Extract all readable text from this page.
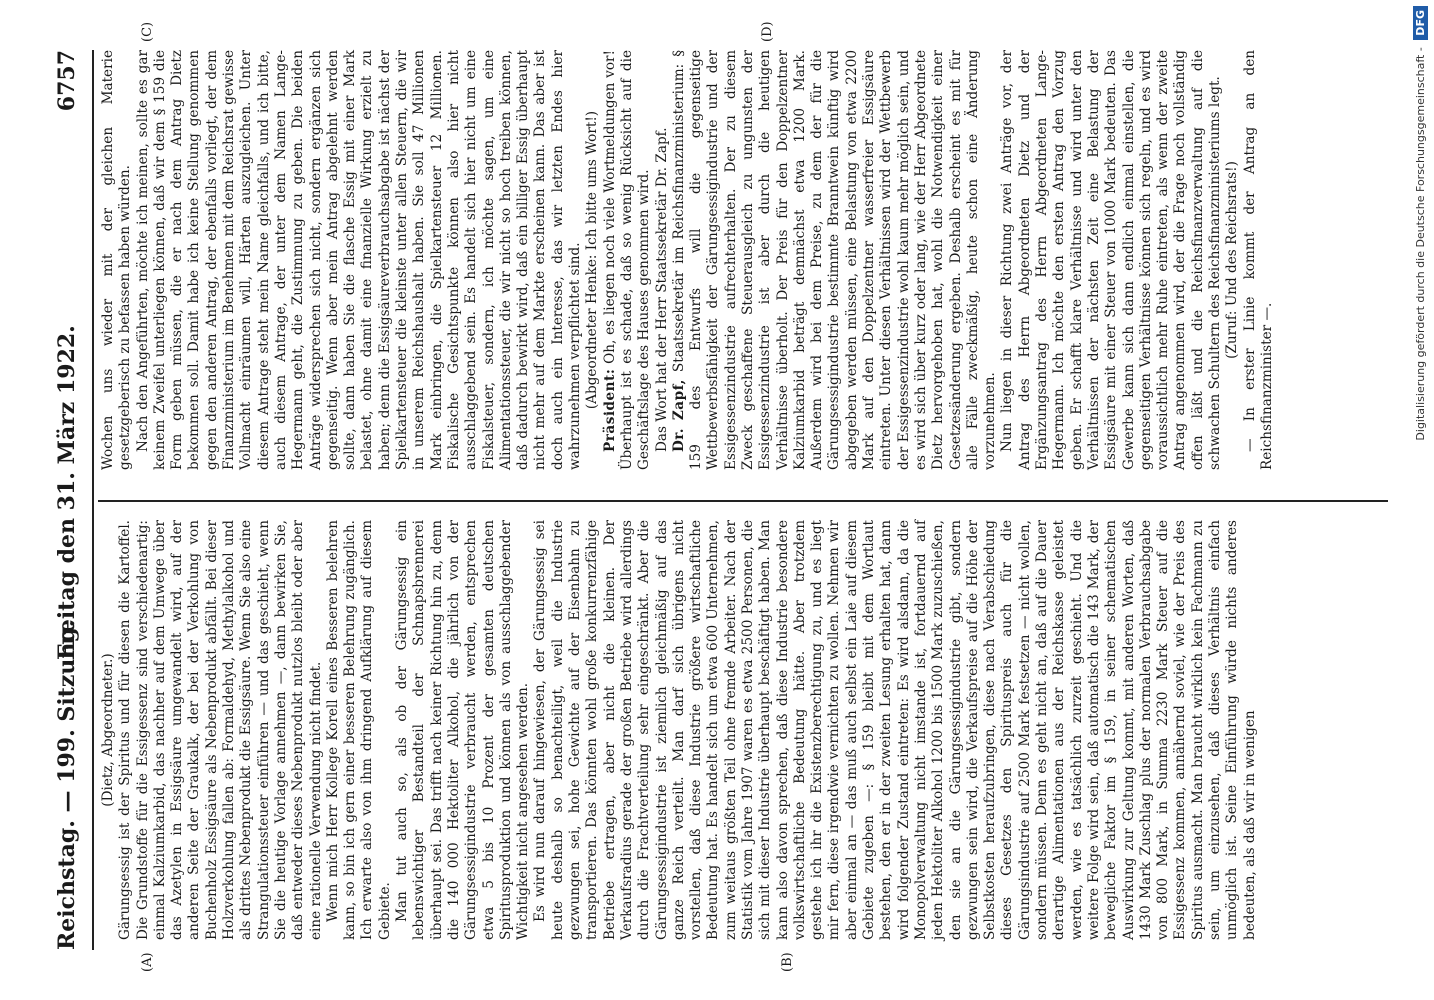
Reichstag. — 199. Sitzung.
Freitag den 31. März 1922.
6757
(A)	(B)
(C)	(D)

(Dietz, Abgeordneter.) Gärungsessig ist der Spiritus und für diesen die Kartoffel. Die Grundstoffe für die Essigessenz sind verschiedenartig: einmal Kalziumkarbid, das nachher auf dem Umwege über das Azetylen in Essigsäure umgewandelt wird, auf der anderen Seite der Graukalk, der bei der Verkohlung von Buchenholz Essigsäure als Nebenprodukt abfällt. Bei dieser Holzverkohlung fallen ab: Formaldehyd, Methylalkohol und als drittes Nebenprodukt die Essigsäure. Wenn Sie also eine Strangulationssteuer einführen — und das geschieht, wenn Sie die heutige Vorlage annehmen —, dann bewirken Sie, daß entweder dieses Nebenprodukt nutzlos bleibt oder aber eine rationelle Verwendung nicht findet. Wenn mich Herr Kollege Korell eines Besseren belehren kann, so bin ich gern einer besseren Belehrung zugänglich. Ich erwarte also von ihm dringend Aufklärung auf diesem Gebiete. Man tut auch so, als ob der Gärungsessig ein lebenswichtiger Bestandteil der Schnapsbrennerei überhaupt sei. Das trifft nach keiner Richtung hin zu, denn die 140 000 Hektoliter Alkohol, die jährlich von der Gärungsessigindustrie verbraucht werden, entsprechen etwa 5 bis 10 Prozent der gesamten deutschen Spiritusproduktion und können als von ausschlaggebender Wichtigkeit nicht angesehen werden. Es wird nun darauf hingewiesen, der Gärungsessig sei heute deshalb so benachteiligt, weil die Industrie gezwungen sei, hohe Gewichte auf der Eisenbahn zu transportieren. Das könnten wohl große konkurrenzfähige Betriebe ertragen, aber nicht die kleinen. Der Verkaufsradius gerade der großen Betriebe wird allerdings durch die Frachtverteilung sehr eingeschränkt. Aber die Gärungsessigindustrie ist ziemlich gleichmäßig auf das ganze Reich verteilt. Man darf sich übrigens nicht vorstellen, daß diese Industrie größere wirtschaftliche Bedeutung hat. Es handelt sich um etwa 600 Unternehmen, zum weitaus größten Teil ohne fremde Arbeiter. Nach der Statistik vom Jahre 1907 waren es etwa 2500 Personen, die sich mit dieser Industrie überhaupt beschäftigt haben. Man kann also davon sprechen, daß diese Industrie besondere volkswirtschaftliche Bedeutung hätte. Aber trotzdem gestehe ich ihr die Existenzberechtigung zu, und es liegt mir fern, diese irgendwie vernichten zu wollen. Nehmen wir aber einmal an — das muß auch selbst ein Laie auf diesem Gebiete zugeben —: § 159 bleibt mit dem Wortlaut bestehen, den er in der zweiten Lesung erhalten hat, dann wird folgender Zustand eintreten: Es wird alsdann, da die Monopolverwaltung nicht imstande ist, fortdauernd auf jeden Hektoliter Alkohol 1200 bis 1500 Mark zuzuschießen, den sie an die Gärungsessigindustrie gibt, sondern gezwungen sein wird, die Verkaufspreise auf die Höhe der Selbstkosten heraufzubringen, diese nach Verabschiedung dieses Gesetzes den Spirituspreis auch für die Gärungsindustrie auf 2500 Mark festsetzen — nicht wollen, sondern müssen. Denn es geht nicht an, daß auf die Dauer derartige Alimentationen aus der Reichskasse geleistet werden, wie es tatsächlich zurzeit geschieht. Und die weitere Folge wird sein, daß automatisch die 143 Mark, der bewegliche Faktor im § 159, in seiner schematischen Auswirkung zur Geltung kommt, mit anderen Worten, daß 1430 Mark Zuschlag plus der normalen Verbrauchsabgabe von 800 Mark, in Summa 2230 Mark Steuer auf die Essigessenz kommen, annähernd soviel, wie der Preis des Spiritus ausmacht. Man braucht wirklich kein Fachmann zu sein, um einzusehen, daß dieses Verhältnis einfach unmöglich ist. Seine Einführung würde nichts anderes bedeuten, als daß wir in wenigen

Wochen uns wieder mit der gleichen Materie gesetzgeberisch zu befassen haben würden. Nach den Angeführten, möchte ich meinen, sollte es gar keinem Zweifel unterliegen können, daß wir dem § 159 die Form geben müssen, die er nach dem Antrag Dietz bekommen soll. Damit habe ich keine Stellung genommen gegen den anderen Antrag, der ebenfalls vorliegt, der dem Finanzministerium im Benehmen mit dem Reichsrat gewisse Vollmacht einräumen will, Härten auszugleichen. Unter diesem Antrage steht mein Name gleichfalls, und ich bitte, auch diesem Antrage, der unter dem Namen Lange-Hegermann geht, die Zustimmung zu geben. Die beiden Anträge widersprechen sich nicht, sondern ergänzen sich gegenseitig. Wenn aber mein Antrag abgelehnt werden sollte, dann haben Sie die flasche Essig mit einer Mark belastet, ohne damit eine finanzielle Wirkung erzielt zu haben; denn die Essigsäureverbrauchsabgabe ist nächst der Spielkartensteuer die kleinste unter allen Steuern, die wir in unserem Reichshaushalt haben. Sie soll 47 Millionen Mark einbringen, die Spielkartensteuer 12 Millionen. Fiskalische Gesichtspunkte können also hier nicht ausschlaggebend sein. Es handelt sich hier nicht um eine Fiskalsteuer, sondern, ich möchte sagen, um eine Alimentationssteuer, die wir nicht so hoch treiben können, daß dadurch bewirkt wird, daß ein billiger Essig überhaupt nicht mehr auf dem Markte erscheinen kann. Das aber ist doch auch ein Interesse, das wir letzten Endes hier wahrzunehmen verpflichtet sind. (Abgeordneter Henke: Ich bitte ums Wort!)

Präsident: Oh, es liegen noch viele Wortmeldungen vor! Überhaupt ist es schade, daß so wenig Rücksicht auf die Geschäftslage des Hauses genommen wird. Das Wort hat der Herr Staatssekretär Dr. Zapf. Dr. Zapf, Staatssekretär im Reichsfinanzministerium: § 159 des Entwurfs will die gegenseitige Wettbewerbsfähigkeit der Gärungsessigindustrie und der Essigessenzindustrie aufrechterhalten. Der zu diesem Zweck geschaffene Steuerausgleich zu ungunsten der Essigessenzindustrie ist aber durch die heutigen Verhältnisse überholt. Der Preis für den Doppelzentner Kalziumkarbid beträgt demnächst etwa 1200 Mark. Außerdem wird bei dem Preise, zu dem der für die Gärungsessigindustrie bestimmte Branntwein künftig wird abgegeben werden müssen, eine Belastung von etwa 2200 Mark auf den Doppelzentner wasserfreier Essigsäure eintreten. Unter diesen Verhältnissen wird der Wettbewerb der Essigessenzindustrie wohl kaum mehr möglich sein, und es wird sich über kurz oder lang, wie der Herr Abgeordnete Dietz hervorgehoben hat, wohl die Notwendigkeit einer Gesetzesänderung ergeben. Deshalb erscheint es mit für alle Fälle zweckmäßig, heute schon eine Änderung vorzunehmen. Nun liegen in dieser Richtung zwei Anträge vor, der Antrag des Herrn Abgeordneten Dietz und der Ergänzungsantrag des Herrn Abgeordneten Lange-Hegermann. Ich möchte den ersten Antrag den Vorzug geben. Er schafft klare Verhältnisse und wird unter den Verhältnissen der nächsten Zeit eine Belastung der Essigsäure mit einer Steuer von 1000 Mark bedeuten. Das Gewerbe kann sich dann endlich einmal einstellen, die gegenseitigen Verhältnisse können sich regeln, und es wird voraussichtlich mehr Ruhe eintreten, als wenn der zweite Antrag angenommen wird, der die Frage noch vollständig offen läßt und die Reichsfinanzverwaltung auf die schwachen Schultern des Reichsfinanzministeriums legt. (Zuruf: Und des Reichsrats!) — In erster Linie kommt der Antrag an den Reichsfinanzminister —.	Digitalisierung gefördert durch die Deutsche Forschungsgemeinschaft - DFG
